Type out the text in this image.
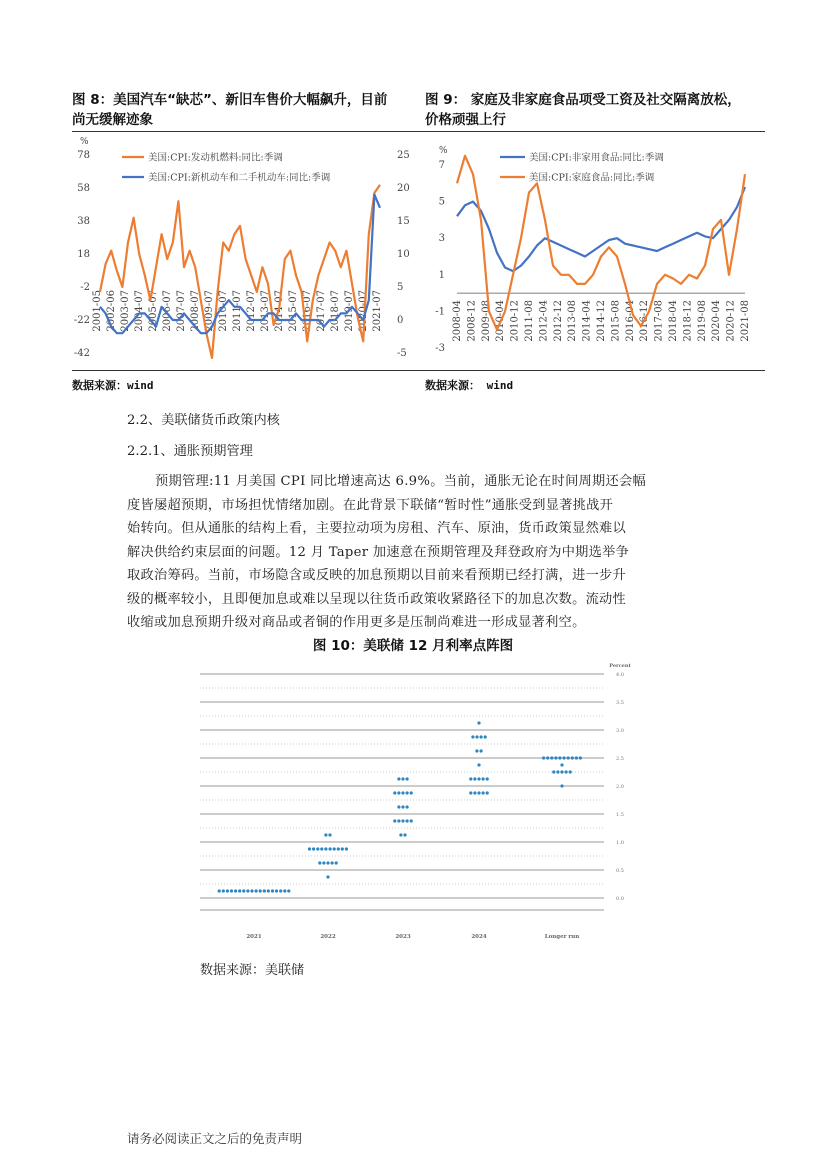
图 8：美国汽车“缺芯”、新旧车售价大幅飙升，目前
尚无缓解迹象
图 9： 家庭及非家庭食品项受工资及社交隔离放松，
价格顽强上行
%
78
58
38
18
-2
-22
-42
25
20
15
10
5
0
-5
2001-05 2002-06 2003-07 2004-07 2005-07 2006-07 2007-07 2008-07 2009-07 2010-07 2011-07 2012-07 2013-07 2014-07 2015-07 2016-07 2017-07 2018-07 2019-07 2020-07 2021-07
美国:CPI:发动机燃料:同比:季调
美国:CPI:新机动车和二手机动车:同比:季调
%
7
5
3
1
-1
-3
2008-04 2008-12 2009-08 2010-04 2010-12 2011-08 2012-04 2012-12 2013-08 2014-04 2014-12 2015-08 2016-04 2016-12 2017-08 2018-04 2018-12 2019-08 2020-04 2020-12 2021-08
美国:CPI:非家用食品:同比:季调
美国:CPI:家庭食品:同比:季调
数据来源：wind	数据来源： wind
2.2、美联储货币政策内核
2.2.1、通胀预期管理
预期管理:11 月美国 CPI 同比增速高达 6.9%。当前，通胀无论在时间周期还会幅
度皆屡超预期，市场担忧情绪加剧。在此背景下联储“暂时性”通胀受到显著挑战开
始转向。但从通胀的结构上看，主要拉动项为房租、汽车、原油，货币政策显然难以
解决供给约束层面的问题。12 月 Taper 加速意在预期管理及拜登政府为中期选举争
取政治筹码。当前，市场隐含或反映的加息预期以目前来看预期已经打满，进一步升
级的概率较小，且即便加息或难以呈现以往货币政策收紧路径下的加息次数。流动性
收缩或加息预期升级对商品或者铜的作用更多是压制尚难进一形成显著利空。
图 10：美联储 12 月利率点阵图
Percent
4.0
3.5
3.0
2.5
2.0
1.5
1.0
0.5
0.0
2021	2022	2023	2024	Longer run
数据来源：美联储
请务必阅读正文之后的免责声明
